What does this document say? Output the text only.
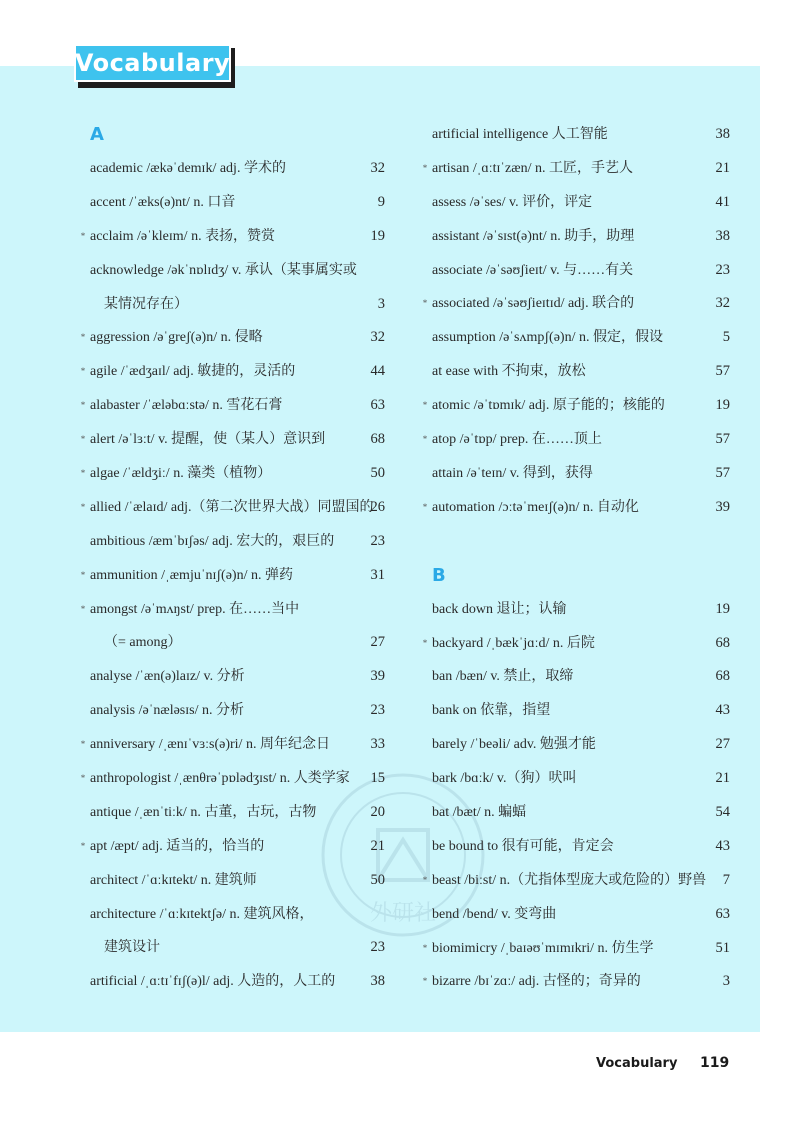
Vocabulary
外研社
A
academic /ækəˈdemɪk/ adj. 学术的	32
accent /ˈæks(ə)nt/ n. 口音	9
* acclaim /əˈkleɪm/ n. 表扬，赞赏	19
acknowledge /əkˈnɒlɪdʒ/ v. 承认（某事属实或
某情况存在）	3
* aggression /əˈgreʃ(ə)n/ n. 侵略	32
* agile /ˈædʒaɪl/ adj. 敏捷的，灵活的	44
* alabaster /ˈæləbɑːstə/ n. 雪花石膏	63
* alert /əˈlɜːt/ v. 提醒，使（某人）意识到	68
* algae /ˈældʒiː/ n. 藻类（植物）	50
* allied /ˈælaɪd/ adj.（第二次世界大战）同盟国的
26
ambitious /æmˈbɪʃəs/ adj. 宏大的，艰巨的	23
* ammunition /ˌæmjuˈnɪʃ(ə)n/ n. 弹药	31
* amongst /əˈmʌŋst/ prep. 在……当中
（= among）	27
analyse /ˈæn(ə)laɪz/ v. 分析	39
analysis /əˈnæləsɪs/ n. 分析	23
* anniversary /ˌænɪˈvɜːs(ə)ri/ n. 周年纪念日	33
* anthropologist /ˌænθrəˈpɒlədʒɪst/ n. 人类学家 15
antique /ˌænˈtiːk/ n. 古董，古玩，古物	20
* apt /æpt/ adj. 适当的，恰当的	21
architect /ˈɑːkɪtekt/ n. 建筑师	50
architecture /ˈɑːkɪtektʃə/ n. 建筑风格，
建筑设计	23
artificial /ˌɑːtɪˈfɪʃ(ə)l/ adj. 人造的，人工的 38
artificial intelligence 人工智能	38
* artisan /ˌɑːtɪˈzæn/ n. 工匠，手艺人	21
assess /əˈses/ v. 评价，评定	41
assistant /əˈsɪst(ə)nt/ n. 助手，助理	38
associate /əˈsəʊʃieɪt/ v. 与……有关	23
* associated /əˈsəʊʃieɪtɪd/ adj. 联合的	32
assumption /əˈsʌmpʃ(ə)n/ n. 假定，假设	5
at ease with 不拘束，放松	57
* atomic /əˈtɒmɪk/ adj. 原子能的；核能的	19
* atop /əˈtɒp/ prep. 在……顶上	57
attain /əˈteɪn/ v. 得到，获得	57
* automation /ɔːtəˈmeɪʃ(ə)n/ n. 自动化	39
B
back down 退让；认输	19
* backyard /ˌbækˈjɑːd/ n. 后院	68
ban /bæn/ v. 禁止，取缔	68
bank on 依靠，指望	43
barely /ˈbeəli/ adv. 勉强才能	27
bark /bɑːk/ v.（狗）吠叫	21
bat /bæt/ n. 蝙蝠	54
be bound to 很有可能，肯定会	43
* beast /biːst/ n.（尤指体型庞大或危险的）野兽 7
bend /bend/ v. 变弯曲	63
* biomimicry /ˌbaɪəʊˈmɪmɪkri/ n. 仿生学	51
* bizarre /bɪˈzɑː/ adj. 古怪的；奇异的	3
Vocabulary 119
